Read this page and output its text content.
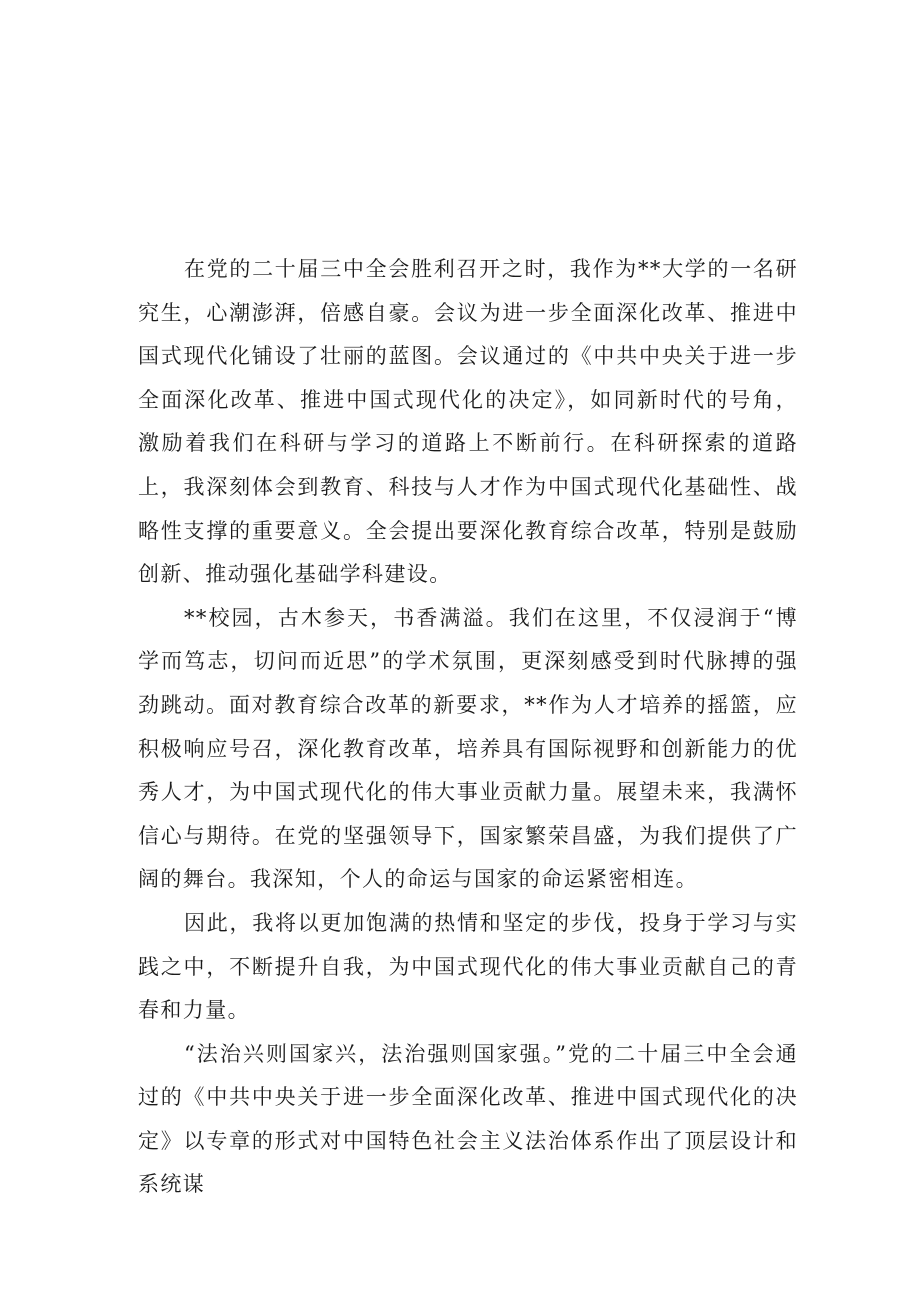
在党的二十届三中全会胜利召开之时，我作为**大学的一名研究生，心潮澎湃，倍感自豪。会议为进一步全面深化改革、推进中国式现代化铺设了壮丽的蓝图。会议通过的《中共中央关于进一步全面深化改革、推进中国式现代化的决定》，如同新时代的号角，激励着我们在科研与学习的道路上不断前行。在科研探索的道路上，我深刻体会到教育、科技与人才作为中国式现代化基础性、战略性支撑的重要意义。全会提出要深化教育综合改革，特别是鼓励创新、推动强化基础学科建设。

**校园，古木参天，书香满溢。我们在这里，不仅浸润于“博学而笃志，切问而近思”的学术氛围，更深刻感受到时代脉搏的强劲跳动。面对教育综合改革的新要求，**作为人才培养的摇篮，应积极响应号召，深化教育改革，培养具有国际视野和创新能力的优秀人才，为中国式现代化的伟大事业贡献力量。展望未来，我满怀信心与期待。在党的坚强领导下，国家繁荣昌盛，为我们提供了广阔的舞台。我深知，个人的命运与国家的命运紧密相连。

因此，我将以更加饱满的热情和坚定的步伐，投身于学习与实践之中，不断提升自我，为中国式现代化的伟大事业贡献自己的青春和力量。

“法治兴则国家兴，法治强则国家强。”党的二十届三中全会通过的《中共中央关于进一步全面深化改革、推进中国式现代化的决定》以专章的形式对中国特色社会主义法治体系作出了顶层设计和系统谋
